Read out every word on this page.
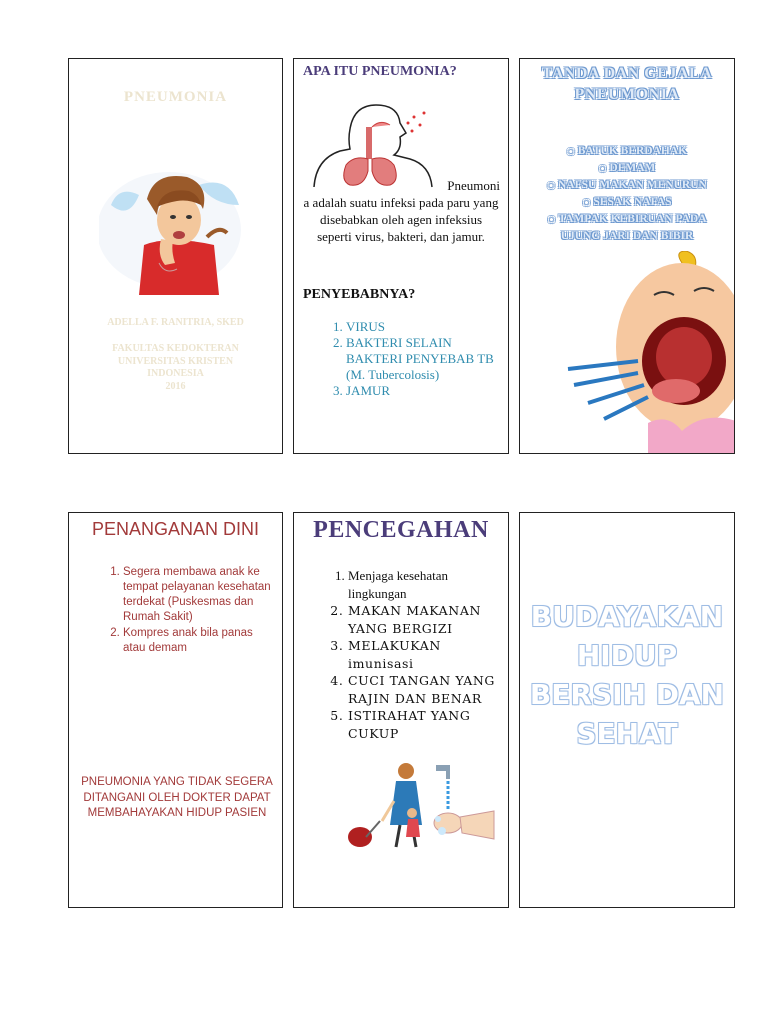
PNEUMONIA
ADELLA F. RANITRIA, SKED
FAKULTAS KEDOKTERAN UNIVERSITAS KRISTEN INDONESIA
2016
APA ITU PNEUMONIA?
Pneumoni
a adalah suatu infeksi pada paru yang disebabkan oleh agen infeksius seperti virus, bakteri, dan jamur.
PENYEBABNYA?
1. VIRUS
2. BAKTERI SELAIN BAKTERI PENYEBAB TB (M. Tubercolosis)
3. JAMUR
TANDA DAN GEJALA PNEUMONIA
○ BATUK BERDAHAK
○ DEMAM
○ NAFSU MAKAN MENURUN
○ SESAK NAFAS
○ TAMPAK KEBIRUAN PADA UJUNG JARI DAN BIBIR
PENANGANAN DINI
1. Segera membawa anak ke tempat pelayanan kesehatan terdekat (Puskesmas dan Rumah Sakit)
2. Kompres anak bila panas atau demam
PNEUMONIA YANG TIDAK SEGERA DITANGANI OLEH DOKTER DAPAT MEMBAHAYAKAN HIDUP PASIEN
PENCEGAHAN
1. Menjaga kesehatan lingkungan
2. MAKAN MAKANAN YANG BERGIZI
3. MELAKUKAN imunisasi
4. CUCI TANGAN YANG RAJIN DAN BENAR
5. ISTIRAHAT YANG CUKUP
BUDAYAKAN HIDUP BERSIH DAN SEHAT
